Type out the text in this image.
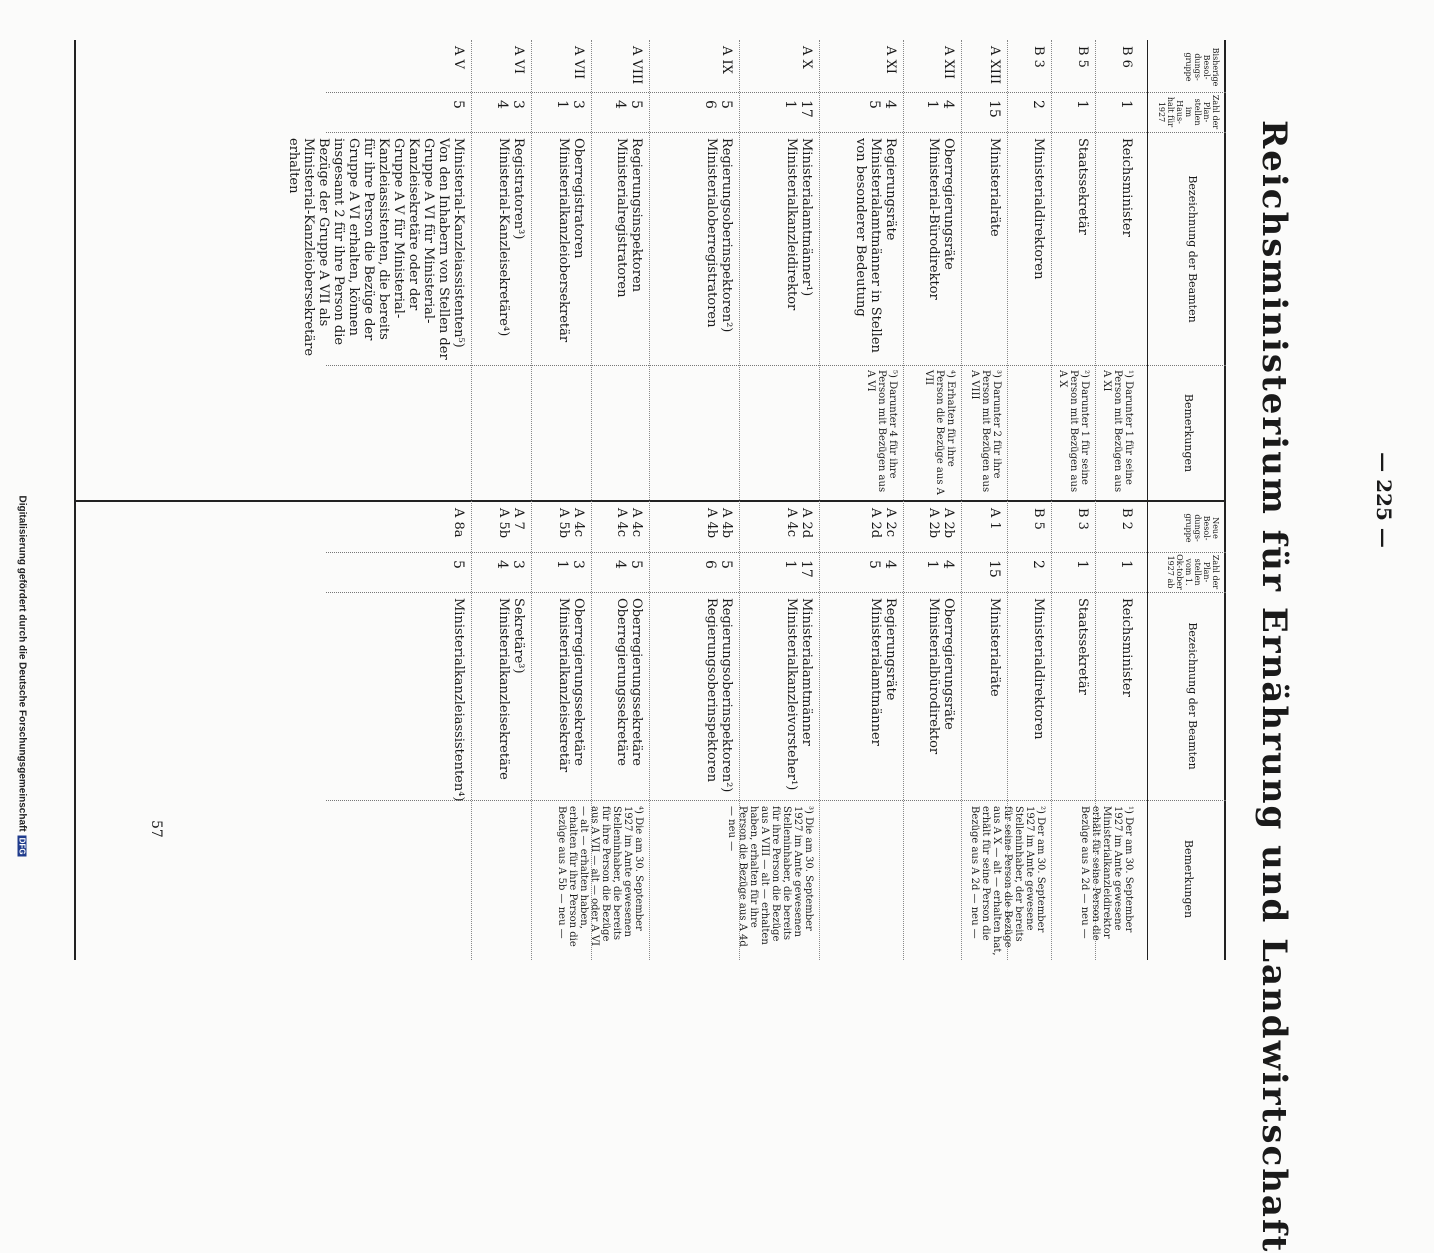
— 225 —
Reichsministerium für Ernährung und Landwirtschaft
Bisherige Besol-dungs-gruppe
Zahl der Plan-stellen im Haus-halt für 1927
Bezeichnung der Beamten
Bemerkungen
Neue Besol-dungs-gruppe
Zahl der Plan-stellen vom 1. Ok-tober 1927 ab
Bezeichnung der Beamten
Bemerkungen
B 6
1
Reichsminister
¹) Darunter 1 für seine Person mit Bezügen aus A XI
B 2
1
Reichsminister
¹) Der am 30. September 1927 im Amte gewesene Ministerialkanzleidirektor erhält für seine Person die Bezüge aus A 2d — neu —
B 5
1
Staatssekretär
²) Darunter 1 für seine Person mit Bezügen aus A X
B 3
1
Staatssekretär
B 3
2
Ministerialdirektoren
B 5
2
Ministerialdirektoren
²) Der am 30. September 1927 im Amte gewesene Stelleninhaber, der bereits für seine Person die Bezüge aus A X — alt — erhalten hat, erhält für seine Person die Bezüge aus A 2d — neu —
A XIII
15
Ministerialräte
³) Darunter 2 für ihre Person mit Bezügen aus A VIII
A 1
15
Ministerialräte
A XII
4
1
Oberregierungsräte
Ministerial-Bürodirektor
⁴) Erhalten für ihre Person die Bezüge aus A VII
A 2b
A 2b
4
1
Oberregierungsräte
Ministerialbürodirektor
A XI
4
5
Regierungsräte
Ministerialamtmänner in Stellen von besonderer Bedeutung
⁵) Darunter 4 für ihre Person mit Bezügen aus A VI
A 2c
A 2d
4
5
Regierungsräte
Ministerialamtmänner
A X
17
1
Ministerialamtmänner¹)
Ministerialkanzleidirektor
A 2d
A 4c
17
1
Ministerialamtmänner
Ministerialkanzleivorsteher¹)
³) Die am 30. September 1927 im Amte gewesenen Stelleninhaber, die bereits für ihre Person die Bezüge aus A VIII — alt — erhalten haben, erhalten für ihre Person die Bezüge aus A 4d — neu —
A IX
5
6
Regierungsoberinspektoren²)
Ministerialoberregistratoren
A 4b
A 4b
5
6
Regierungsoberinspektoren²)
Regierungsoberinspektoren
A VIII
5
4
Regierungsinspektoren
Ministerialregistratoren
A 4c
A 4c
5
4
Oberregierungssekretäre
Oberregierungssekretäre
⁴) Die am 30. September 1927 im Amte gewesenen Stelleninhaber, die bereits für ihre Person die Bezüge aus A VII — alt — oder A VI — alt — erhalten haben, erhalten für ihre Person die Bezüge aus A 5b — neu —
A VII
3
1
Oberregistratoren
Ministerialkanzleiobersekretär
A 4c
A 5b
3
1
Oberregierungssekretäre
Ministerialkanzleisekretär
A VI
3
4
Registratoren³)
Ministerial-Kanzleisekretäre⁴)
A 7
A 5b
3
4
Sekretäre³)
Ministerialkanzleisekretäre
A V
5
Ministerial-Kanzleiassistenten⁵)
Von den Inhabern von Stellen der Gruppe A VI für Ministerial-Kanzleisekretäre oder der Gruppe A V für Ministerial-Kanzleiassistenten, die bereits für ihre Person die Bezüge der Gruppe A VI erhalten, können insgesamt 2 für ihre Person die Bezüge der Gruppe A VII als Ministerial-Kanzleiobersekretäre erhalten
A 8a
5
Ministerialkanzleiassistenten⁴)
57
Digitalisierung gefördert durch die Deutsche ForschungsgemeinschaftDFG
